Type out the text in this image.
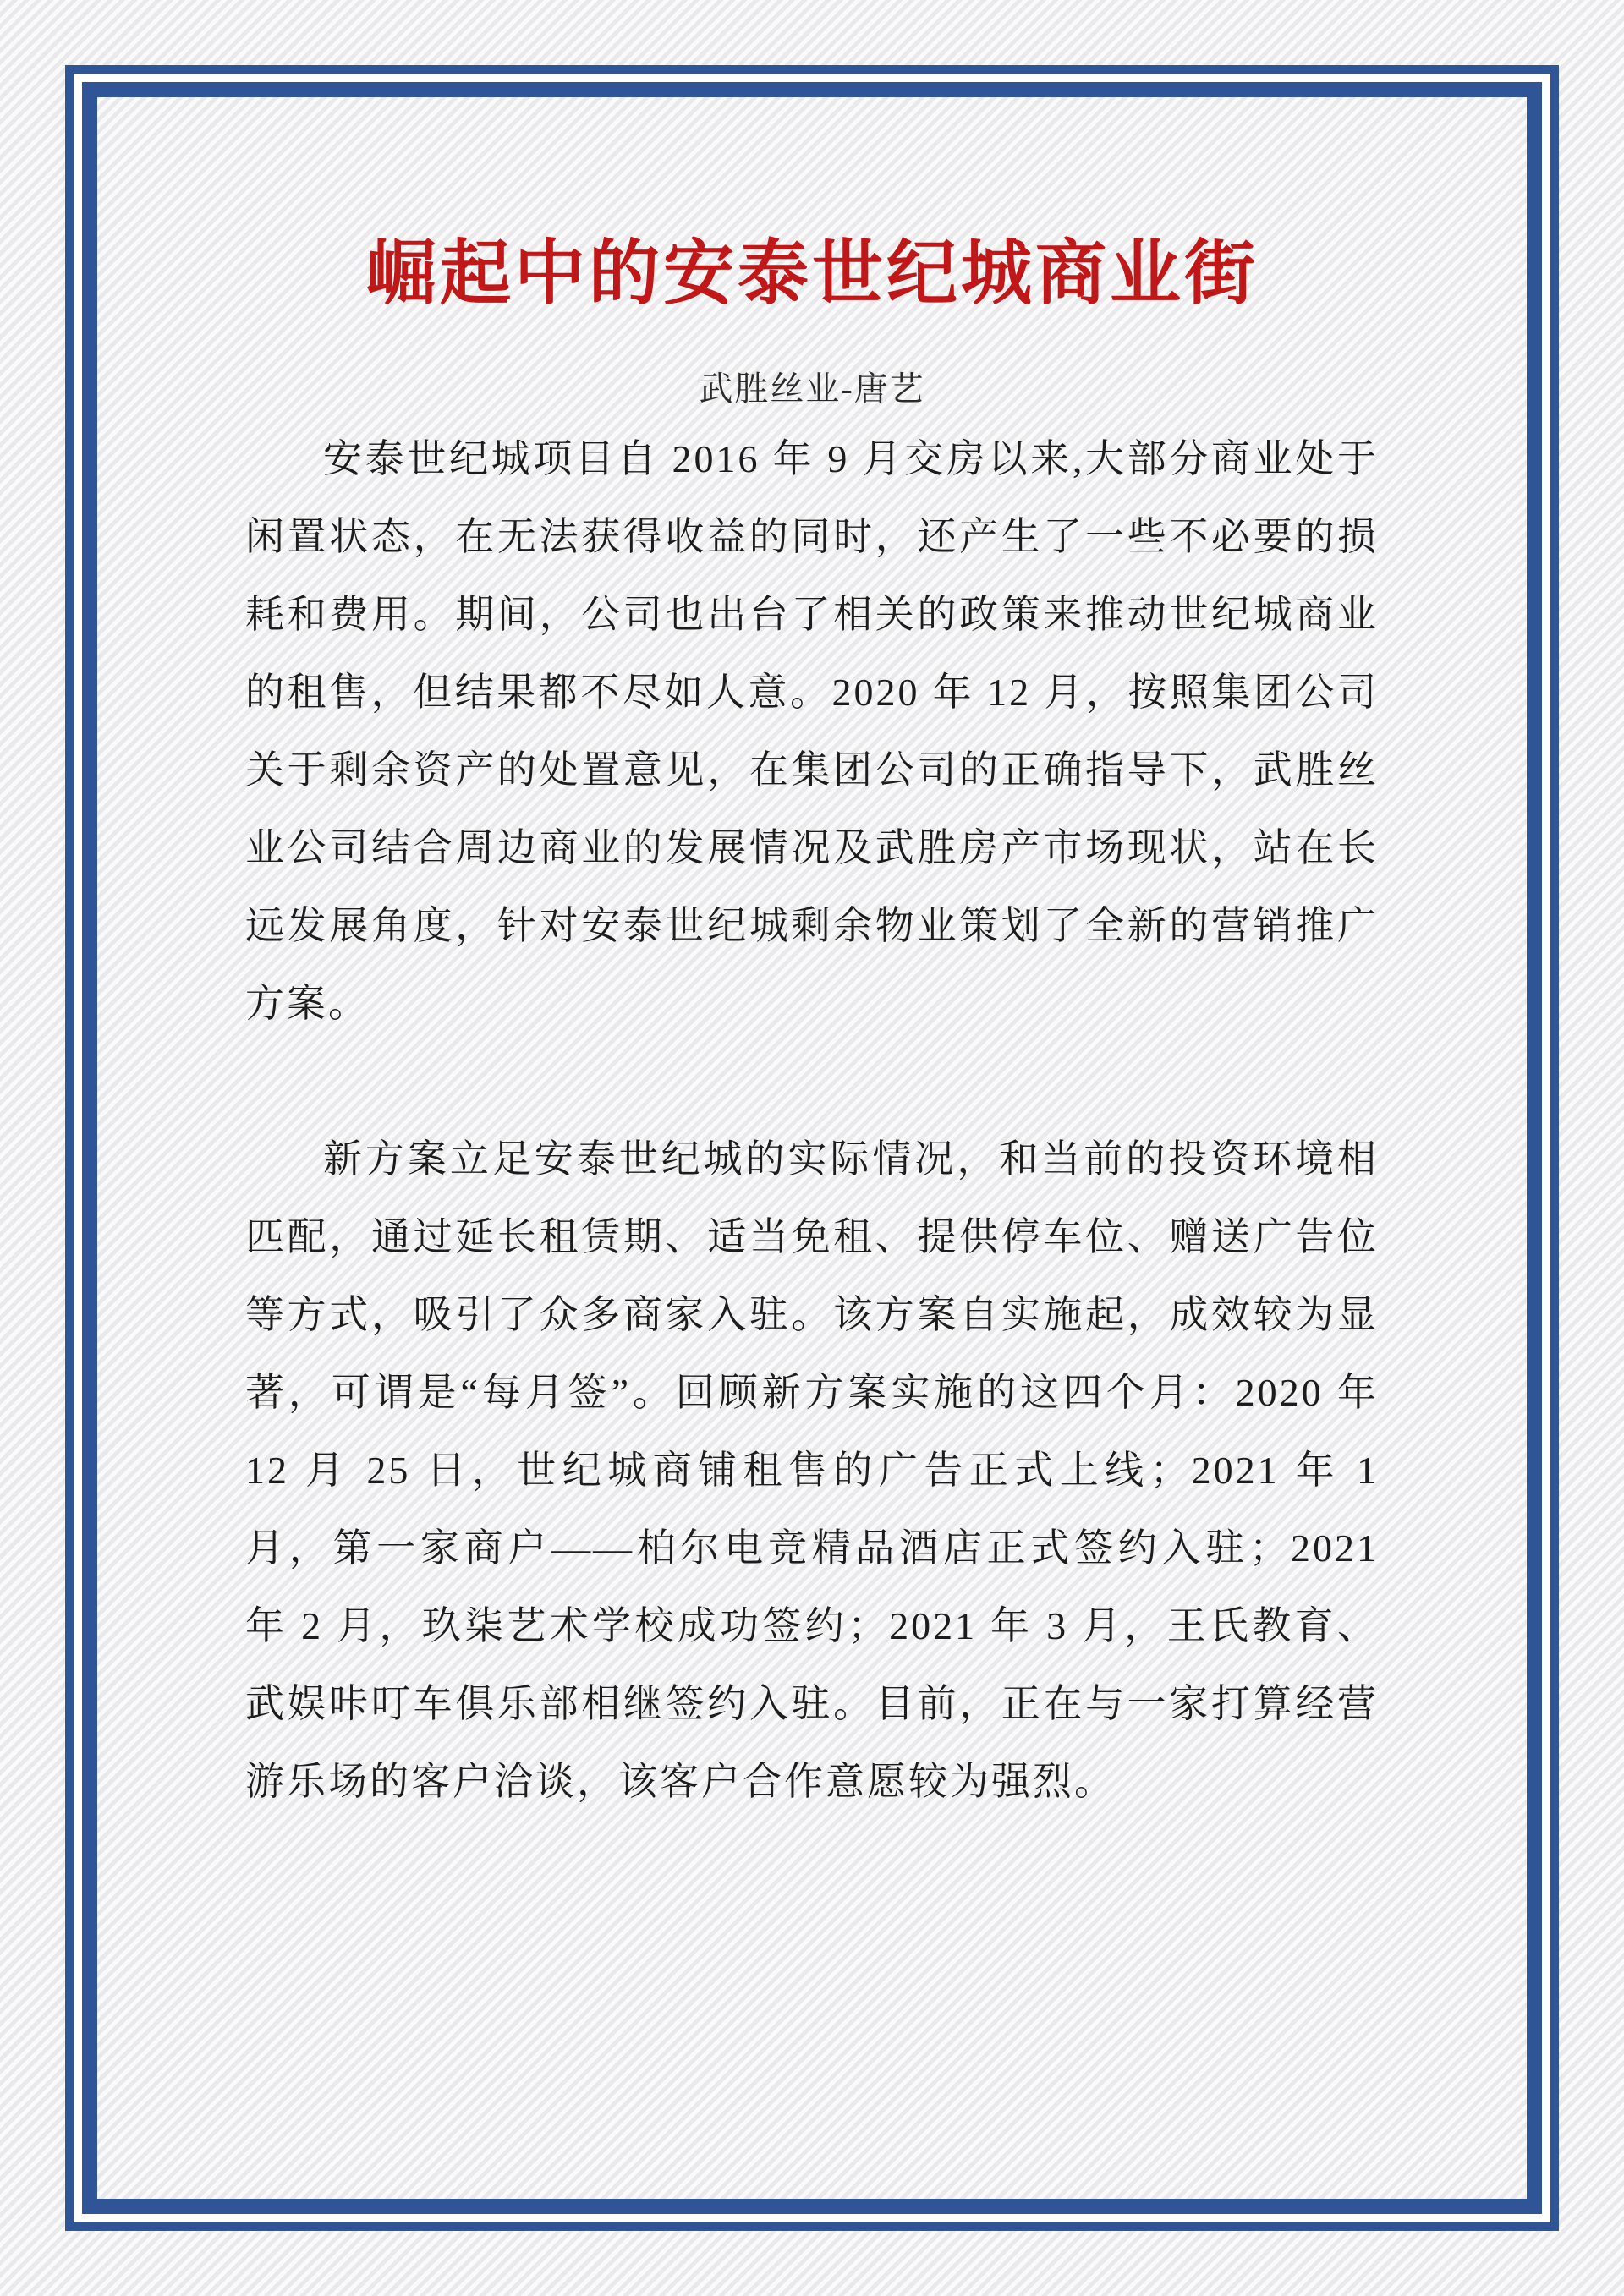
崛起中的安泰世纪城商业街
武胜丝业-唐艺

安泰世纪城项目自 2016 年 9 月交房以来,大部分商业处于闲置状态，在无法获得收益的同时，还产生了一些不必要的损耗和费用。期间，公司也出台了相关的政策来推动世纪城商业的租售，但结果都不尽如人意。2020 年 12 月，按照集团公司关于剩余资产的处置意见，在集团公司的正确指导下，武胜丝业公司结合周边商业的发展情况及武胜房产市场现状，站在长远发展角度，针对安泰世纪城剩余物业策划了全新的营销推广方案。

新方案立足安泰世纪城的实际情况，和当前的投资环境相匹配，通过延长租赁期、适当免租、提供停车位、赠送广告位等方式，吸引了众多商家入驻。该方案自实施起，成效较为显著，可谓是“每月签”。回顾新方案实施的这四个月：2020 年 12 月 25 日，世纪城商铺租售的广告正式上线；2021 年 1 月，第一家商户——柏尔电竞精品酒店正式签约入驻；2021 年 2 月，玖柒艺术学校成功签约；2021 年 3 月，王氏教育、武娱咔叮车俱乐部相继签约入驻。目前，正在与一家打算经营游乐场的客户洽谈，该客户合作意愿较为强烈。
